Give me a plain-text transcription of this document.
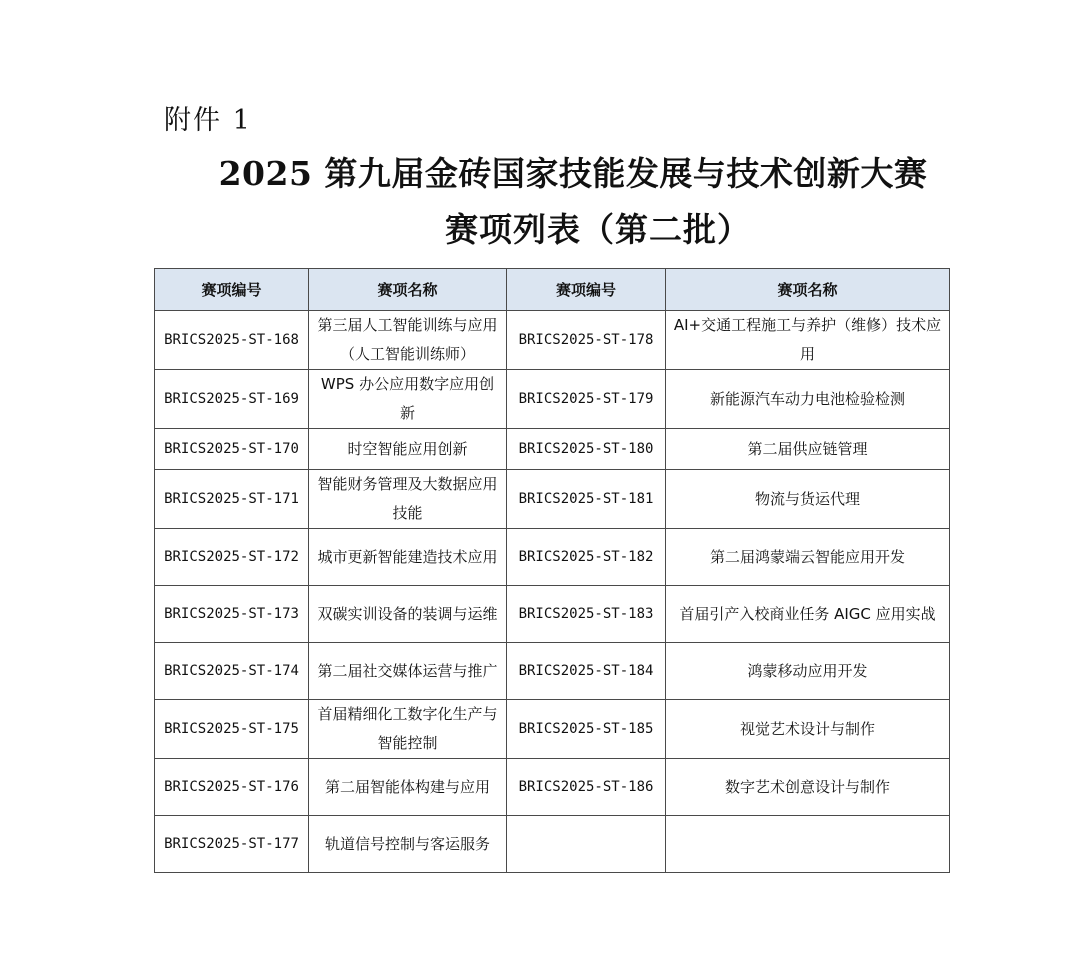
附件 1
2025 第九届金砖国家技能发展与技术创新大赛
赛项列表（第二批）
赛项编号	赛项名称	赛项编号	赛项名称
BRICS2025-ST-168	第三届人工智能训练与应用（人工智能训练师）	BRICS2025-ST-178	AI+交通工程施工与养护（维修）技术应用
BRICS2025-ST-169	WPS 办公应用数字应用创新	BRICS2025-ST-179	新能源汽车动力电池检验检测
BRICS2025-ST-170	时空智能应用创新	BRICS2025-ST-180	第二届供应链管理
BRICS2025-ST-171	智能财务管理及大数据应用技能	BRICS2025-ST-181	物流与货运代理
BRICS2025-ST-172	城市更新智能建造技术应用	BRICS2025-ST-182	第二届鸿蒙端云智能应用开发
BRICS2025-ST-173	双碳实训设备的装调与运维	BRICS2025-ST-183	首届引产入校商业任务 AIGC 应用实战
BRICS2025-ST-174	第二届社交媒体运营与推广	BRICS2025-ST-184	鸿蒙移动应用开发
BRICS2025-ST-175	首届精细化工数字化生产与智能控制	BRICS2025-ST-185	视觉艺术设计与制作
BRICS2025-ST-176	第二届智能体构建与应用	BRICS2025-ST-186	数字艺术创意设计与制作
BRICS2025-ST-177	轨道信号控制与客运服务		
